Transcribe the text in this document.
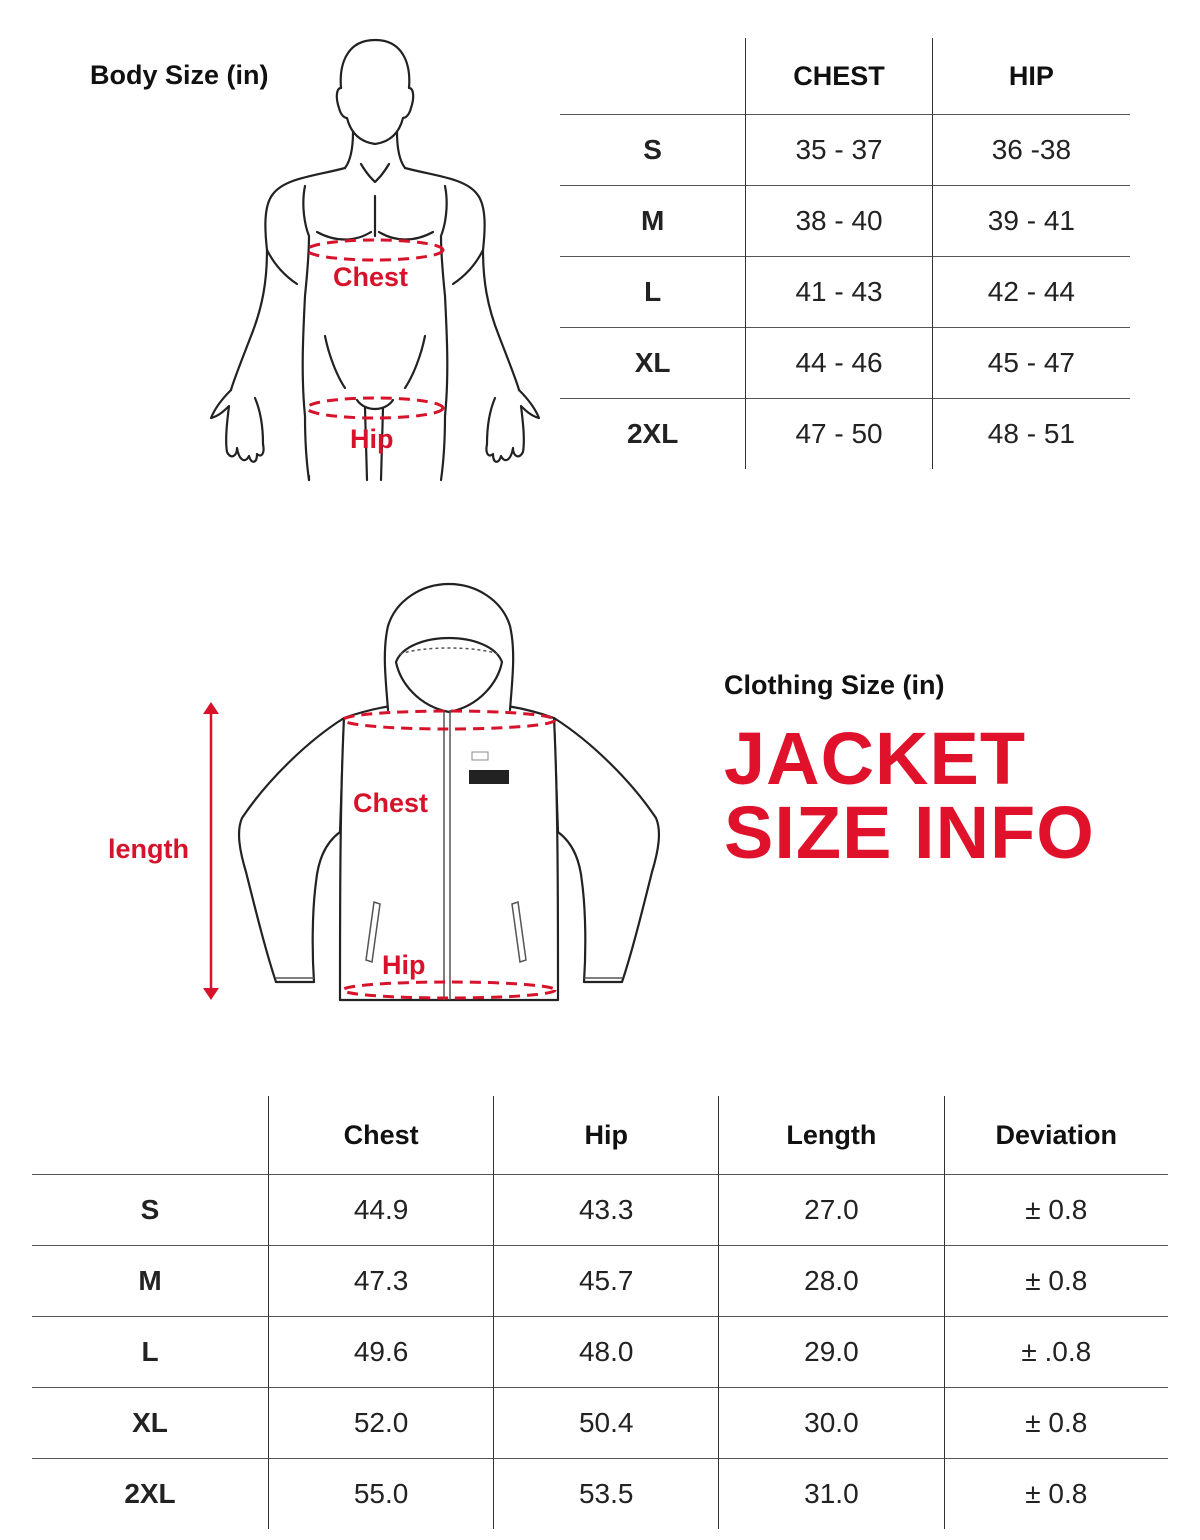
Body Size (in)
Chest
Hip
	CHEST	HIP
S	35 - 37	36 -38
M	38 - 40	39 - 41
L	41 - 43	42 - 44
XL	44 - 46	45 - 47
2XL	47 - 50	48 - 51
length
Chest
Hip
Clothing Size (in)
JACKET
SIZE INFO
	Chest	Hip	Length	Deviation
S	44.9	43.3	27.0	± 0.8
M	47.3	45.7	28.0	± 0.8
L	49.6	48.0	29.0	± .0.8
XL	52.0	50.4	30.0	± 0.8
2XL	55.0	53.5	31.0	± 0.8
